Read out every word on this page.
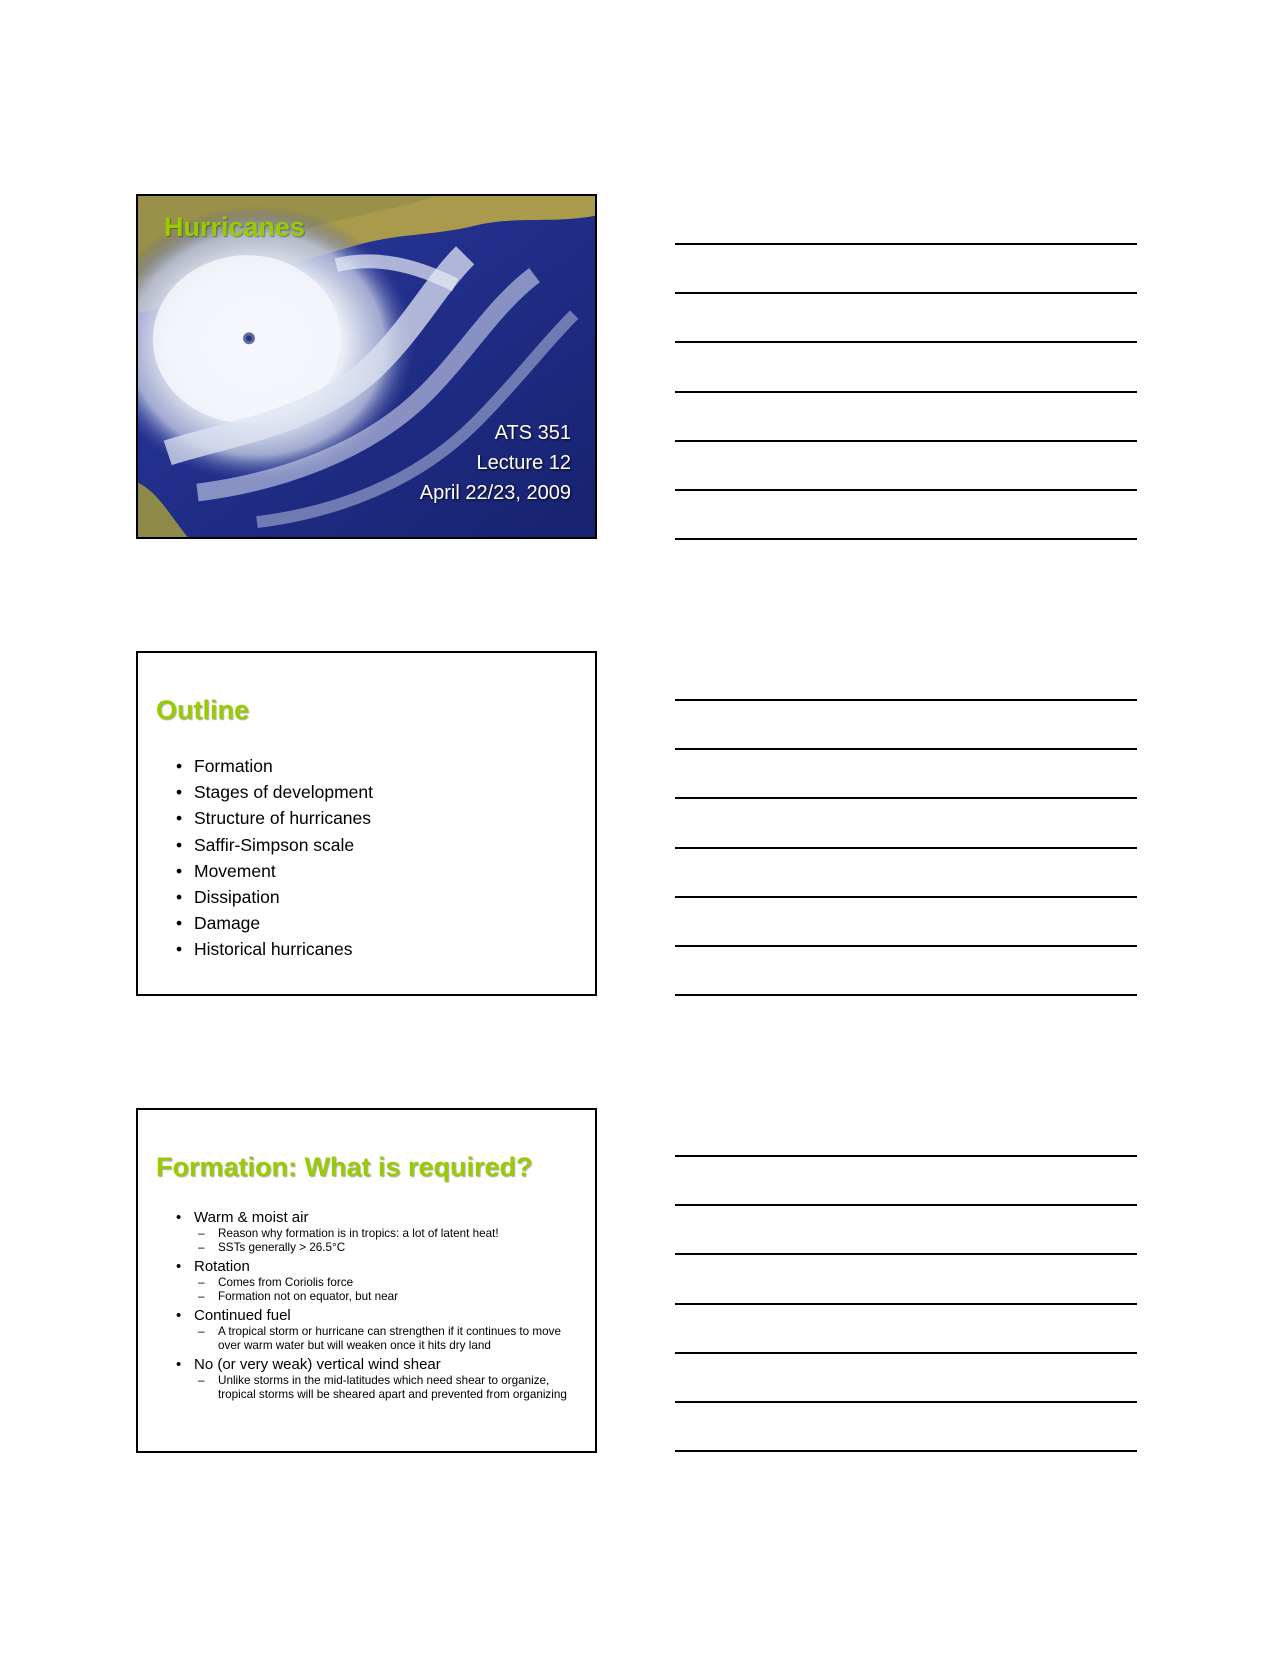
Hurricanes
ATS 351
Lecture 12
April 22/23, 2009
Outline
• Formation
• Stages of development
• Structure of hurricanes
• Saffir-Simpson scale
• Movement
• Dissipation
• Damage
• Historical hurricanes
Formation: What is required?
• Warm & moist air
– Reason why formation is in tropics: a lot of latent heat!
– SSTs generally > 26.5°C
• Rotation
– Comes from Coriolis force
– Formation not on equator, but near
• Continued fuel
– A tropical storm or hurricane can strengthen if it continues to move over warm water but will weaken once it hits dry land
• No (or very weak) vertical wind shear
– Unlike storms in the mid-latitudes which need shear to organize, tropical storms will be sheared apart and prevented from organizing
